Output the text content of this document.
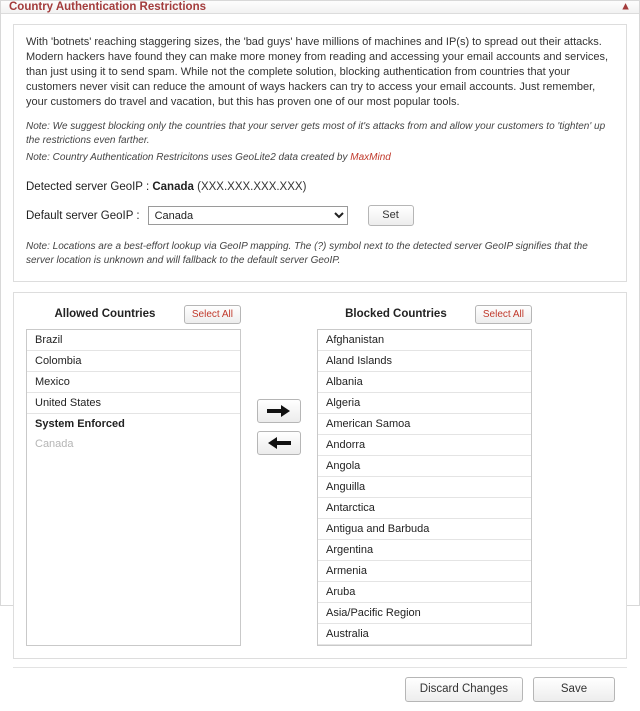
Country Authentication Restrictions	▲

With 'botnets' reaching staggering sizes, the 'bad guys' have millions of machines and IP(s) to spread out their attacks. Modern hackers have found they can make more money from reading and accessing your email accounts and services, than just using it to send spam. While not the complete solution, blocking authentication from countries that your customers never visit can reduce the amount of ways hackers can try to access your email accounts. Just remember, your customers do travel and vacation, but this has proven one of our most popular tools.

Note: We suggest blocking only the countries that your server gets most of it's attacks from and allow your customers to 'tighten' up the restrictions even farther.

Note: Country Authentication Restricitons uses GeoLite2 data created by MaxMind

Detected server GeoIP : Canada (XXX.XXX.XXX.XXX)
Default server GeoIP :
Canada	Set

Note: Locations are a best-effort lookup via GeoIP mapping. The (?) symbol next to the detected server GeoIP signifies that the server location is unknown and will fallback to the default server GeoIP.

Allowed Countries	Select All
Brazil
Colombia
Mexico
United States
System Enforced
Canada
Blocked Countries	Select All
Afghanistan
Aland Islands
Albania
Algeria
American Samoa
Andorra
Angola
Anguilla
Antarctica
Antigua and Barbuda
Argentina
Armenia
Aruba
Asia/Pacific Region
Australia
Discard Changes	Save
